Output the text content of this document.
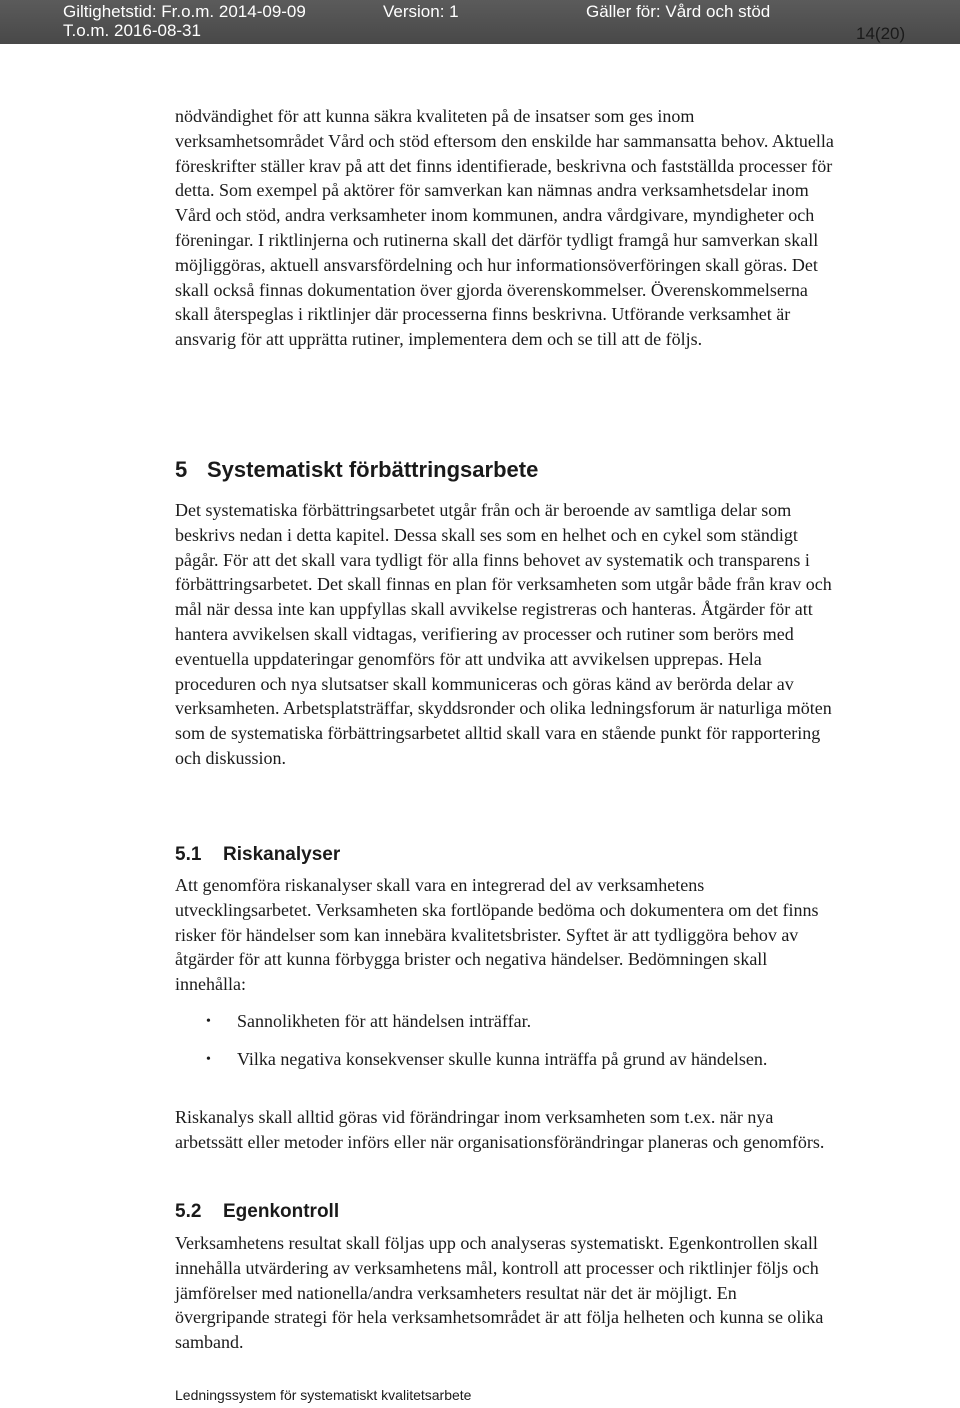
Giltighetstid: Fr.o.m. 2014-09-09
T.o.m. 2016-08-31
Version: 1	Gäller för: Vård och stöd
14(20)

nödvändighet för att kunna säkra kvaliteten på de insatser som ges inom verksamhetsområdet Vård och stöd eftersom den enskilde har sammansatta behov. Aktuella föreskrifter ställer krav på att det finns identifierade, beskrivna och fastställda processer för detta. Som exempel på aktörer för samverkan kan nämnas andra verksamhetsdelar inom Vård och stöd, andra verksamheter inom kommunen, andra vårdgivare, myndigheter och föreningar. I riktlinjerna och rutinerna skall det därför tydligt framgå hur samverkan skall möjliggöras, aktuell ansvarsfördelning och hur informationsöverföringen skall göras. Det skall också finnas dokumentation över gjorda överenskommelser. Överenskommelserna skall återspeglas i riktlinjer där processerna finns beskrivna. Utförande verksamhet är ansvarig för att upprätta rutiner, implementera dem och se till att de följs.

5 Systematiskt förbättringsarbete

Det systematiska förbättringsarbetet utgår från och är beroende av samtliga delar som beskrivs nedan i detta kapitel. Dessa skall ses som en helhet och en cykel som ständigt pågår. För att det skall vara tydligt för alla finns behovet av systematik och transparens i förbättringsarbetet. Det skall finnas en plan för verksamheten som utgår både från krav och mål när dessa inte kan uppfyllas skall avvikelse registreras och hanteras. Åtgärder för att hantera avvikelsen skall vidtagas, verifiering av processer och rutiner som berörs med eventuella uppdateringar genomförs för att undvika att avvikelsen upprepas. Hela proceduren och nya slutsatser skall kommuniceras och göras känd av berörda delar av verksamheten. Arbetsplatsträffar, skyddsronder och olika ledningsforum är naturliga möten som de systematiska förbättringsarbetet alltid skall vara en stående punkt för rapportering och diskussion.

5.1 Riskanalyser

Att genomföra riskanalyser skall vara en integrerad del av verksamhetens utvecklingsarbetet. Verksamheten ska fortlöpande bedöma och dokumentera om det finns risker för händelser som kan innebära kvalitetsbrister. Syftet är att tydliggöra behov av åtgärder för att kunna förbygga brister och negativa händelser. Bedömningen skall innehålla:

• Sannolikheten för att händelsen inträffar.
• Vilka negativa konsekvenser skulle kunna inträffa på grund av händelsen.

Riskanalys skall alltid göras vid förändringar inom verksamheten som t.ex. när nya arbetssätt eller metoder införs eller när organisationsförändringar planeras och genomförs.

5.2 Egenkontroll

Verksamhetens resultat skall följas upp och analyseras systematiskt. Egenkontrollen skall innehålla utvärdering av verksamhetens mål, kontroll att processer och riktlinjer följs och jämförelser med nationella/andra verksamheters resultat när det är möjligt. En övergripande strategi för hela verksamhetsområdet är att följa helheten och kunna se olika samband.

Ledningssystem för systematiskt kvalitetsarbete
